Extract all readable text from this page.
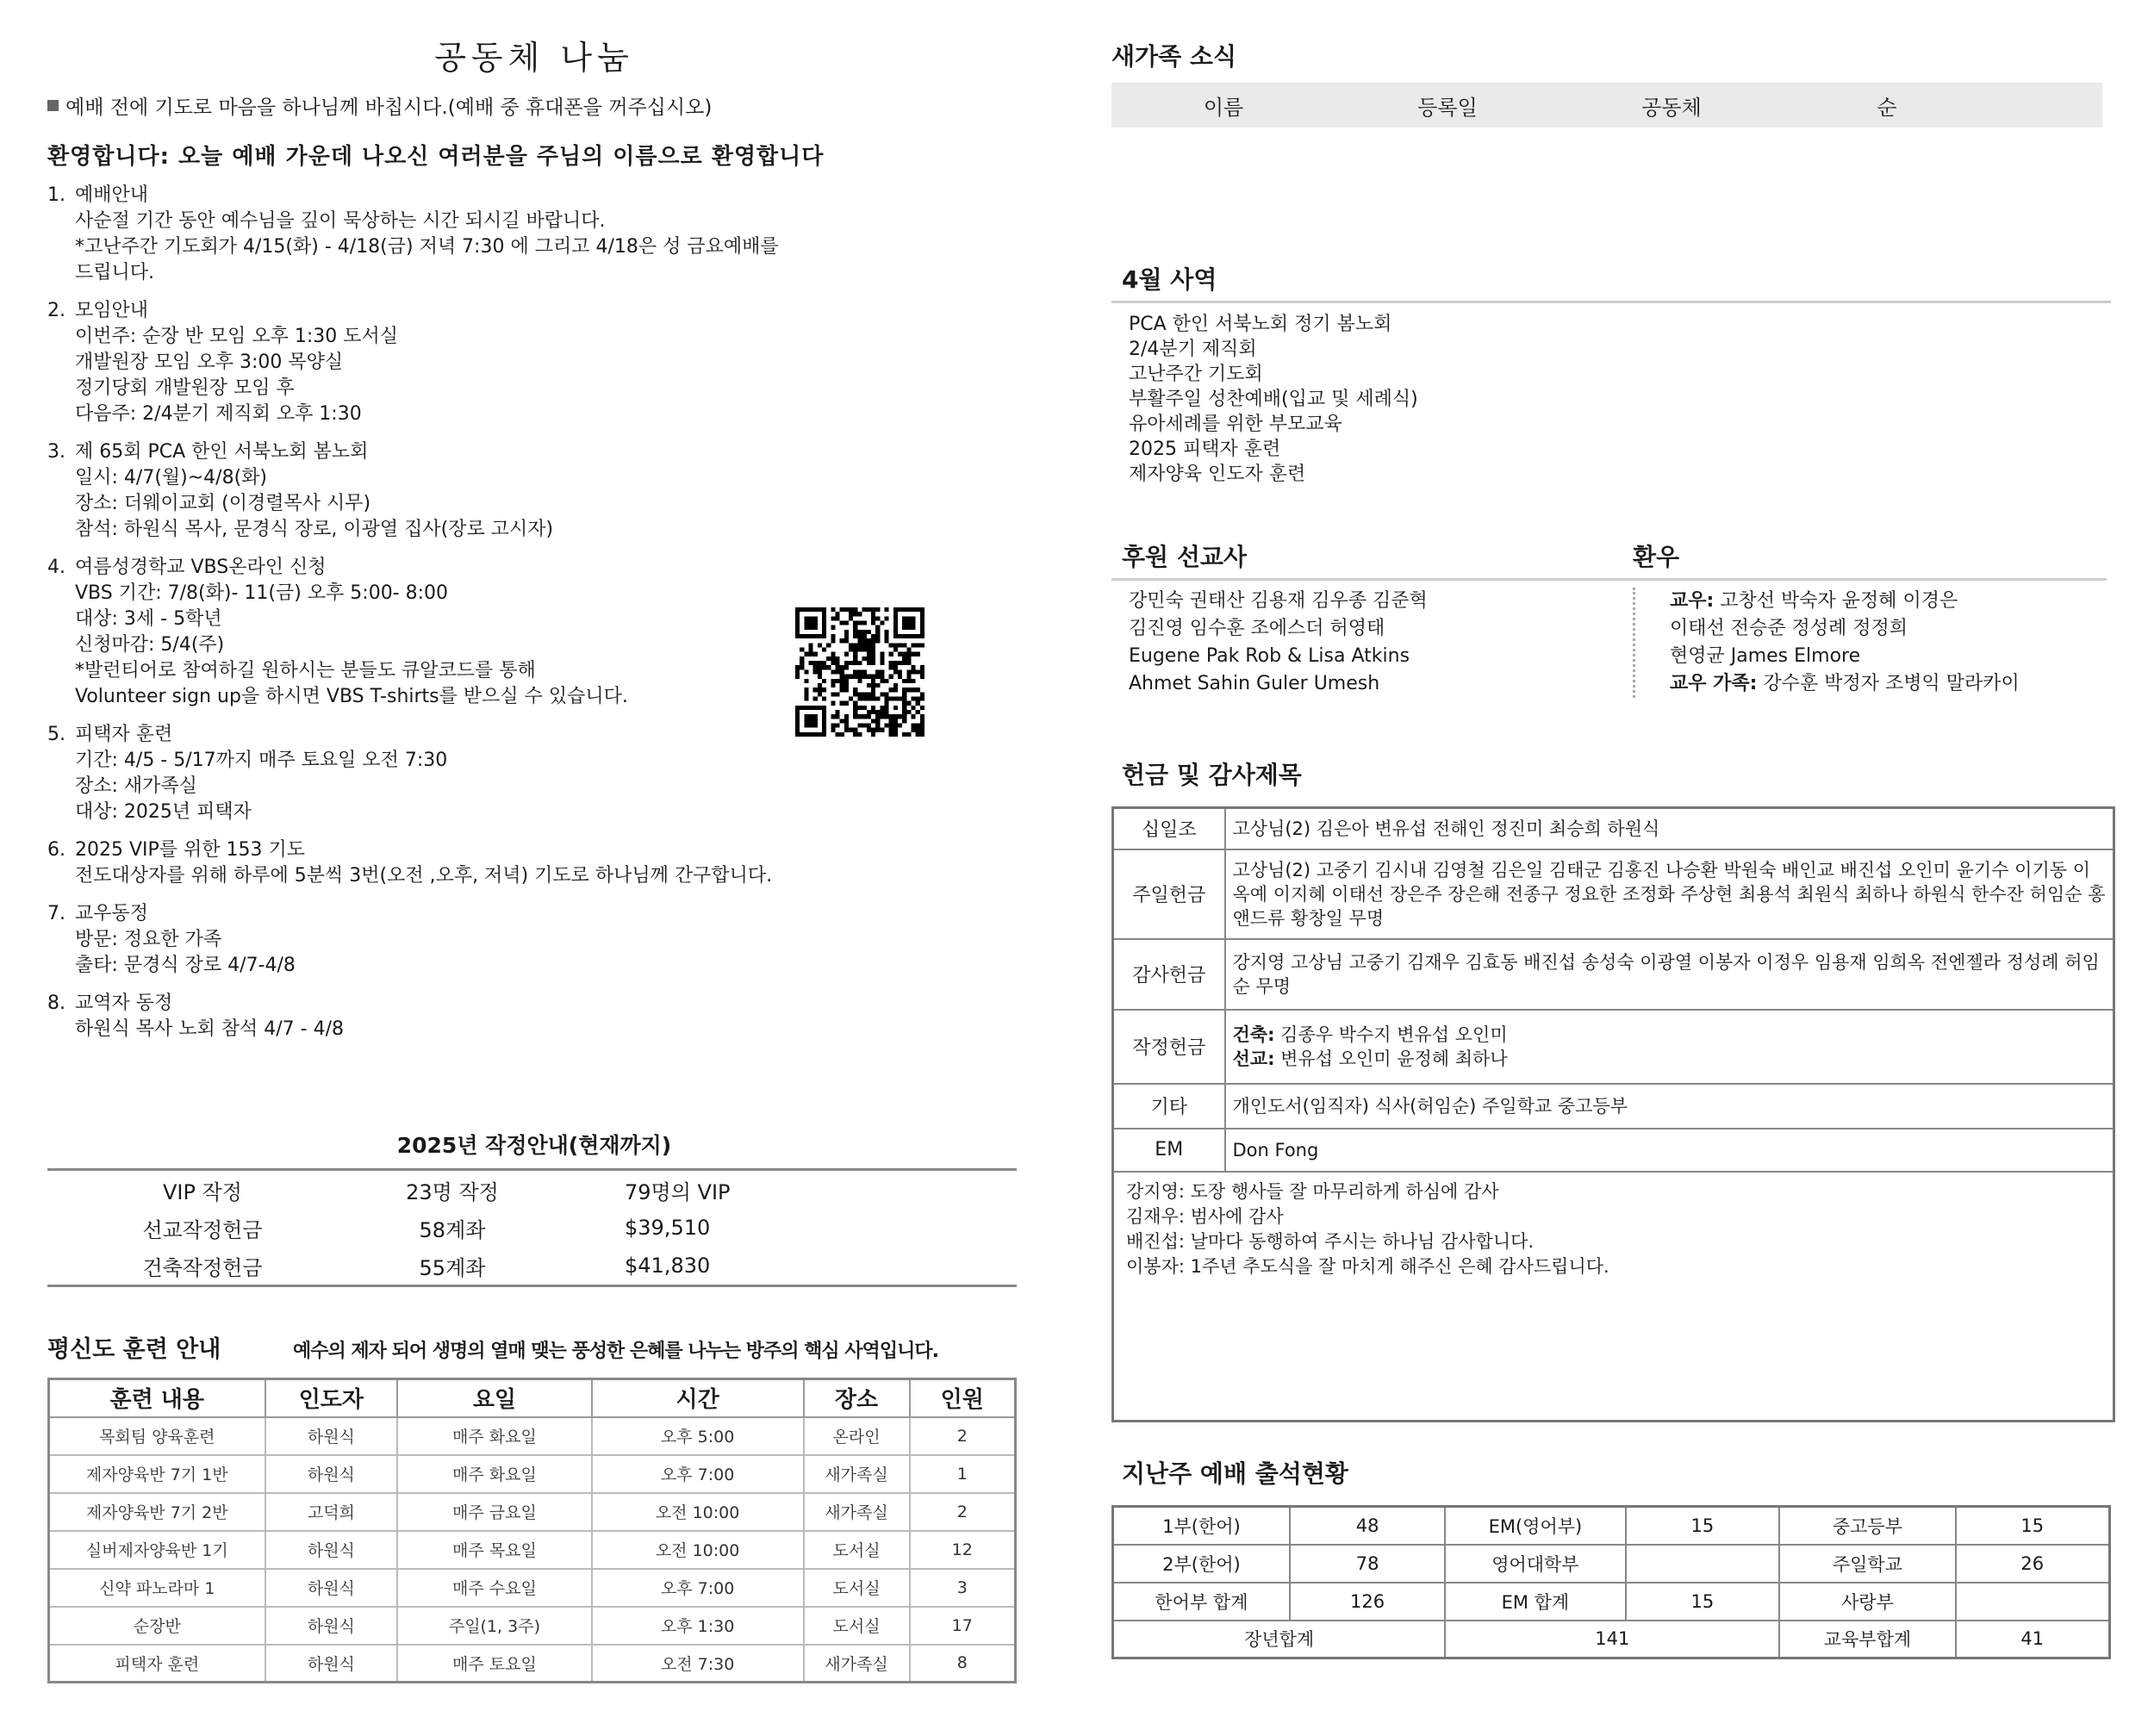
공동체 나눔
예배 전에 기도로 마음을 하나님께 바칩시다.(예배 중 휴대폰을 꺼주십시오)
환영합니다: 오늘 예배 가운데 나오신 여러분을 주님의 이름으로 환영합니다
1. 예배안내
사순절 기간 동안 예수님을 깊이 묵상하는 시간 되시길 바랍니다.
*고난주간 기도회가 4/15(화) - 4/18(금) 저녁 7:30 에 그리고 4/18은 성 금요예배를
드립니다.
2. 모임안내
이번주: 순장 반 모임 오후 1:30 도서실
개발원장 모임 오후 3:00 목양실
정기당회 개발원장 모임 후
다음주: 2/4분기 제직회 오후 1:30
3. 제 65회 PCA 한인 서북노회 봄노회
일시: 4/7(월)~4/8(화)
장소: 더웨이교회 (이경렬목사 시무)
참석: 하원식 목사, 문경식 장로, 이광열 집사(장로 고시자)
4. 여름성경학교 VBS온라인 신청
VBS 기간: 7/8(화)- 11(금) 오후 5:00- 8:00
대상: 3세 - 5학년
신청마감: 5/4(주)
*발런티어로 참여하길 원하시는 분들도 큐알코드를 통해
Volunteer sign up을 하시면 VBS T-shirts를 받으실 수 있습니다.
5. 피택자 훈련
기간: 4/5 - 5/17까지 매주 토요일 오전 7:30
장소: 새가족실
대상: 2025년 피택자
6. 2025 VIP를 위한 153 기도
전도대상자를 위해 하루에 5분씩 3번(오전 ,오후, 저녁) 기도로 하나님께 간구합니다.
7. 교우동정
방문: 정요한 가족
출타: 문경식 장로 4/7-4/8
8. 교역자 동정
하원식 목사 노회 참석 4/7 - 4/8
2025년 작정안내(현재까지)
VIP 작정	23명 작정	79명의 VIP
선교작정헌금	58계좌	$39,510
건축작정헌금	55계좌	$41,830
평신도 훈련 안내	예수의 제자 되어 생명의 열매 맺는 풍성한 은혜를 나누는 방주의 핵심 사역입니다.
훈련 내용	인도자	요일	시간	장소	인원
목회팀 양육훈련	하원식	매주 화요일	오후 5:00	온라인	2
제자양육반 7기 1반	하원식	매주 화요일	오후 7:00	새가족실	1
제자양육반 7기 2반	고덕희	매주 금요일	오전 10:00	새가족실	2
실버제자양육반 1기	하원식	매주 목요일	오전 10:00	도서실	12
신약 파노라마 1	하원식	매주 수요일	오후 7:00	도서실	3
순장반	하원식	주일(1, 3주)	오후 1:30	도서실	17
피택자 훈련	하원식	매주 토요일	오전 7:30	새가족실	8
새가족 소식
이름	등록일	공동체	순
4월 사역
PCA 한인 서북노회 정기 봄노회
2/4분기 제직회
고난주간 기도회
부활주일 성찬예배(입교 및 세례식)
유아세례를 위한 부모교육
2025 피택자 훈련
제자양육 인도자 훈련
후원 선교사
강민숙 권태산 김용재 김우종 김준혁
김진영 임수훈 조에스더 허영태
Eugene Pak Rob & Lisa Atkins
Ahmet Sahin Guler Umesh
환우
교우: 고창선 박숙자 윤정혜 이경은
이태선 전승준 정성례 정정희
현영균 James Elmore
교우 가족: 강수훈 박정자 조병익 말라카이
헌금 및 감사제목
십일조	고상님(2) 김은아 변유섭 전해인 정진미 최승희 하원식
주일헌금	고상님(2) 고중기 김시내 김영철 김은일 김태군 김홍진 나승환 박원숙 배인교 배진섭 오인미 윤기수 이기동 이옥예 이지혜 이태선 장은주 장은해 전종구 정요한 조정화 주상현 최용석 최원식 최하나 하원식 한수잔 허임순 홍앤드류 황창일 무명
감사헌금	강지영 고상님 고중기 김재우 김효동 배진섭 송성숙 이광열 이봉자 이정우 임용재 임희옥 전엔젤라 정성례 허임순 무명
작정헌금	건축: 김종우 박수지 변유섭 오인미
선교: 변유섭 오인미 윤정혜 최하나

기타	개인도서(임직자) 식사(허임순) 주일학교 중고등부
EM	Don Fong

강지영: 도장 행사들 잘 마무리하게 하심에 감사
김재우: 범사에 감사
배진섭: 날마다 동행하여 주시는 하나님 감사합니다.
이봉자: 1주년 추도식을 잘 마치게 해주신 은혜 감사드립니다.	
지난주 예배 출석현황
1부(한어)	48	EM(영어부)	15	중고등부	15
2부(한어)	78	영어대학부		주일학교	26
한어부 합계	126	EM 합계	15	사랑부	
장년합계		141		교육부합계	41
